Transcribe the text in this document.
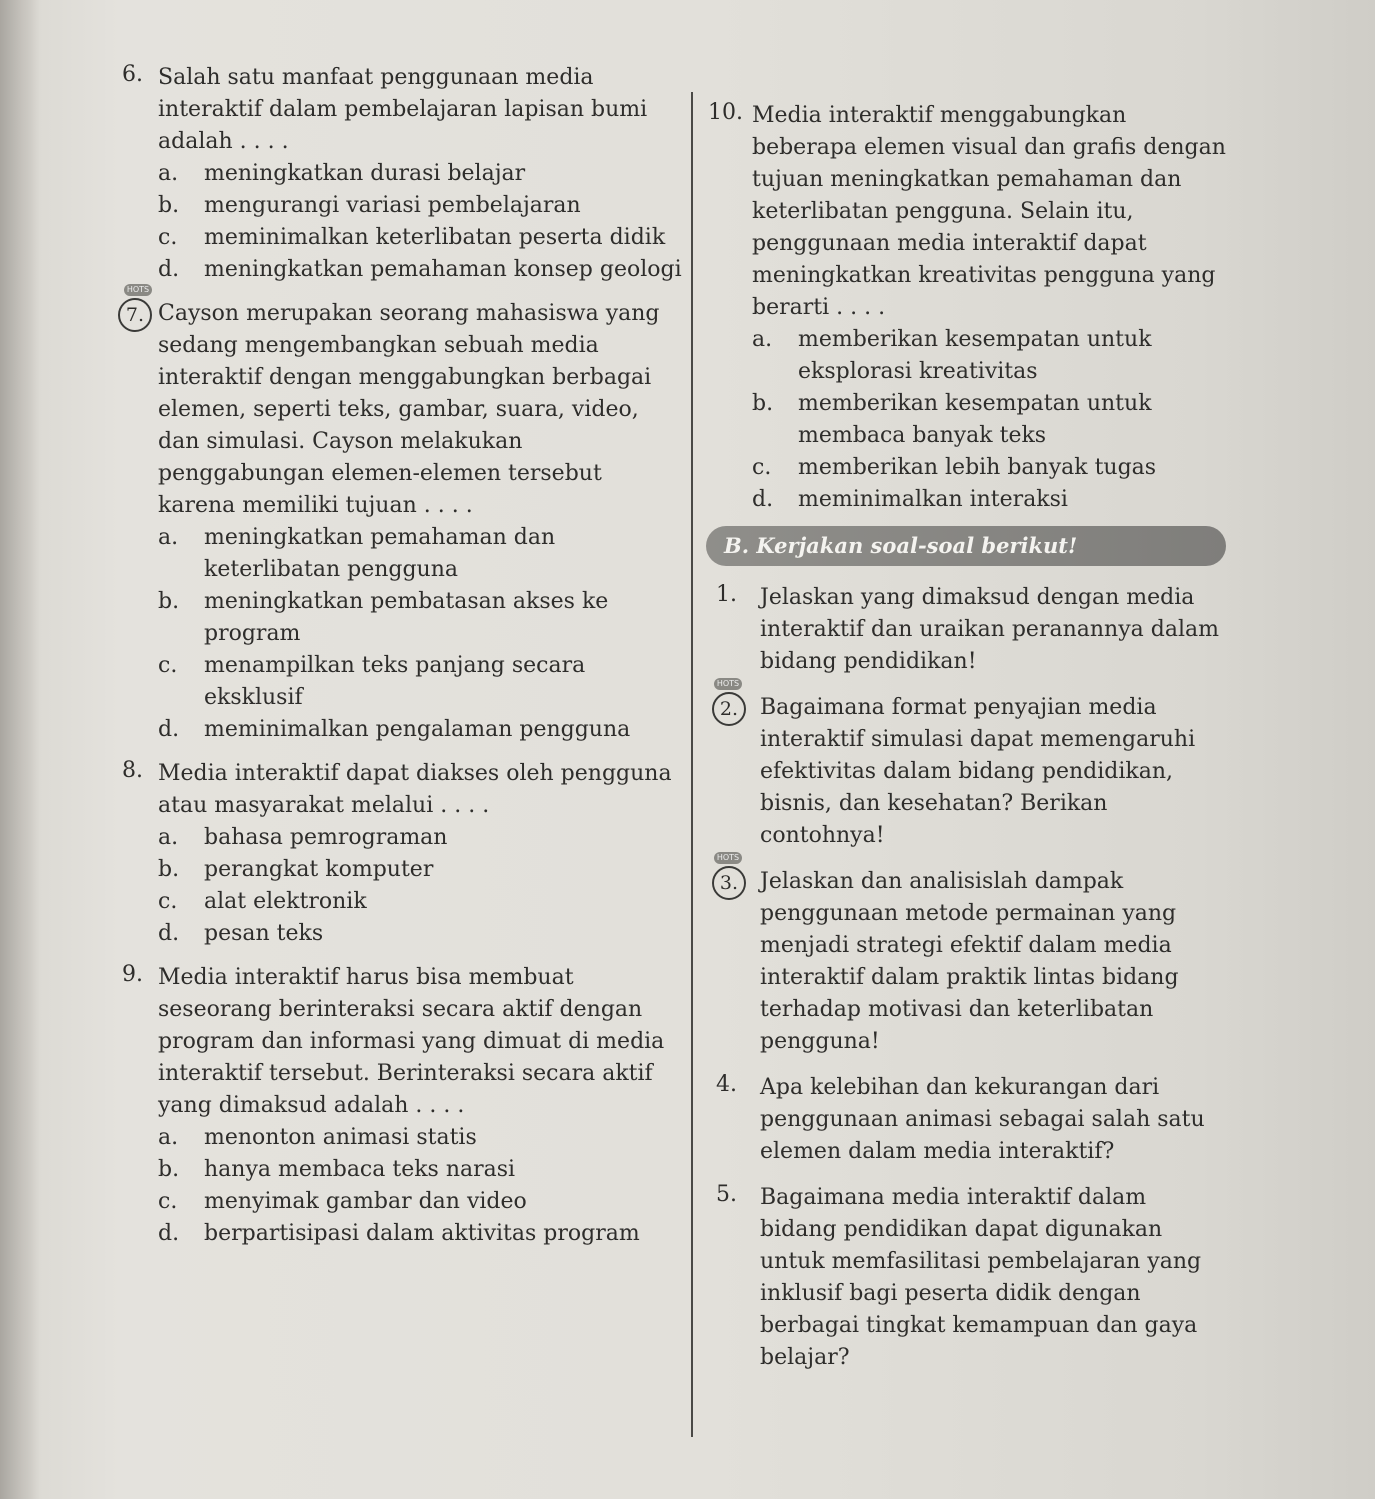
6. Salah satu manfaat penggunaan media interaktif dalam pembelajaran lapisan bumi adalah . . . .
a.	meningkatkan durasi belajar
b.	mengurangi variasi pembelajaran
c.	meminimalkan keterlibatan peserta didik
d.	meningkatkan pemahaman konsep geologi
HOTS
7. Cayson merupakan seorang mahasiswa yang sedang mengembangkan sebuah media interaktif dengan menggabungkan berbagai elemen, seperti teks, gambar, suara, video, dan simulasi. Cayson melakukan penggabungan elemen-elemen tersebut karena memiliki tujuan . . . .
a.	meningkatkan pemahaman dan keterlibatan pengguna
b.	meningkatkan pembatasan akses ke program
c.	menampilkan teks panjang secara eksklusif
d.	meminimalkan pengalaman pengguna
8. Media interaktif dapat diakses oleh pengguna atau masyarakat melalui . . . .
a.	bahasa pemrograman
b.	perangkat komputer
c.	alat elektronik
d.	pesan teks
9. Media interaktif harus bisa membuat seseorang berinteraksi secara aktif dengan program dan informasi yang dimuat di media interaktif tersebut. Berinteraksi secara aktif yang dimaksud adalah . . . .
a.	menonton animasi statis
b.	hanya membaca teks narasi
c.	menyimak gambar dan video
d.	berpartisipasi dalam aktivitas program
10. Media interaktif menggabungkan beberapa elemen visual dan grafis dengan tujuan meningkatkan pemahaman dan keterlibatan pengguna. Selain itu, penggunaan media interaktif dapat meningkatkan kreativitas pengguna yang berarti . . . .
a.	memberikan kesempatan untuk eksplorasi kreativitas
b.	memberikan kesempatan untuk membaca banyak teks
c.	memberikan lebih banyak tugas
d.	meminimalkan interaksi
B. Kerjakan soal-soal berikut!
1. Jelaskan yang dimaksud dengan media interaktif dan uraikan peranannya dalam bidang pendidikan!
HOTS
2. Bagaimana format penyajian media interaktif simulasi dapat memengaruhi efektivitas dalam bidang pendidikan, bisnis, dan kesehatan? Berikan contohnya!
HOTS
3. Jelaskan dan analisislah dampak penggunaan metode permainan yang menjadi strategi efektif dalam media interaktif dalam praktik lintas bidang terhadap motivasi dan keterlibatan pengguna!
4. Apa kelebihan dan kekurangan dari penggunaan animasi sebagai salah satu elemen dalam media interaktif?
5. Bagaimana media interaktif dalam bidang pendidikan dapat digunakan untuk memfasilitasi pembelajaran yang inklusif bagi peserta didik dengan berbagai tingkat kemampuan dan gaya belajar?
